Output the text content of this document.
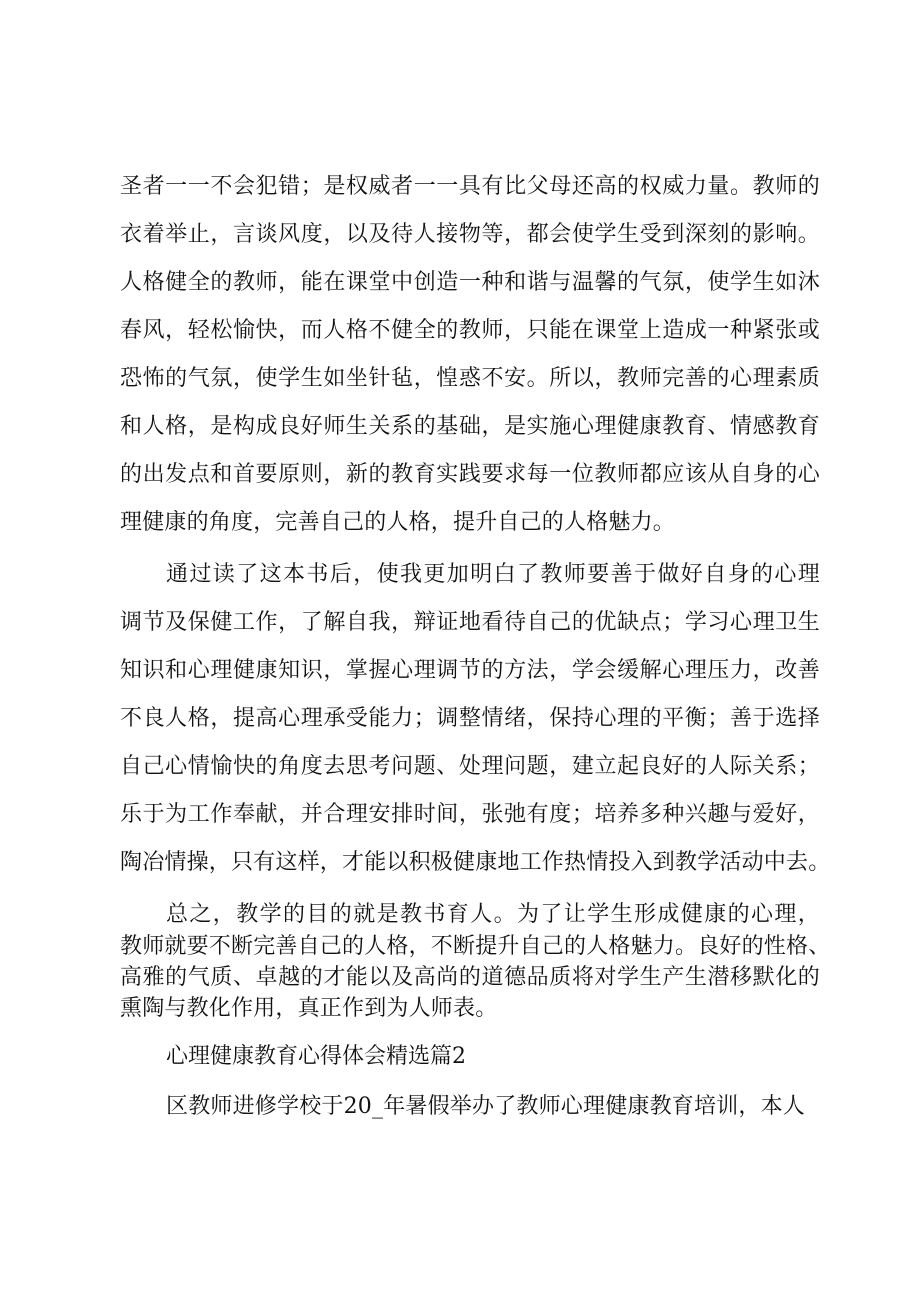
圣者一一不会犯错；是权威者一一具有比父母还高的权威力量。教师的
衣着举止，言谈风度，以及待人接物等，都会使学生受到深刻的影响。
人格健全的教师，能在课堂中创造一种和谐与温馨的气氛，使学生如沐
春风，轻松愉快，而人格不健全的教师，只能在课堂上造成一种紧张或
恐怖的气氛，使学生如坐针毡，惶惑不安。所以，教师完善的心理素质
和人格，是构成良好师生关系的基础，是实施心理健康教育、情感教育
的出发点和首要原则，新的教育实践要求每一位教师都应该从自身的心
理健康的角度，完善自己的人格，提升自己的人格魅力。
通过读了这本书后，使我更加明白了教师要善于做好自身的心理
调节及保健工作，了解自我，辩证地看待自己的优缺点；学习心理卫生
知识和心理健康知识，掌握心理调节的方法，学会缓解心理压力，改善
不良人格，提高心理承受能力；调整情绪，保持心理的平衡；善于选择
自己心情愉快的角度去思考问题、处理问题，建立起良好的人际关系；
乐于为工作奉献，并合理安排时间，张弛有度；培养多种兴趣与爱好，
陶冶情操，只有这样，才能以积极健康地工作热情投入到教学活动中去。
总之，教学的目的就是教书育人。为了让学生形成健康的心理，
教师就要不断完善自己的人格，不断提升自己的人格魅力。良好的性格、
高雅的气质、卓越的才能以及高尚的道德品质将对学生产生潜移默化的
熏陶与教化作用，真正作到为人师表。
心理健康教育心得体会精选篇2
区教师进修学校于20_年暑假举办了教师心理健康教育培训，本人
